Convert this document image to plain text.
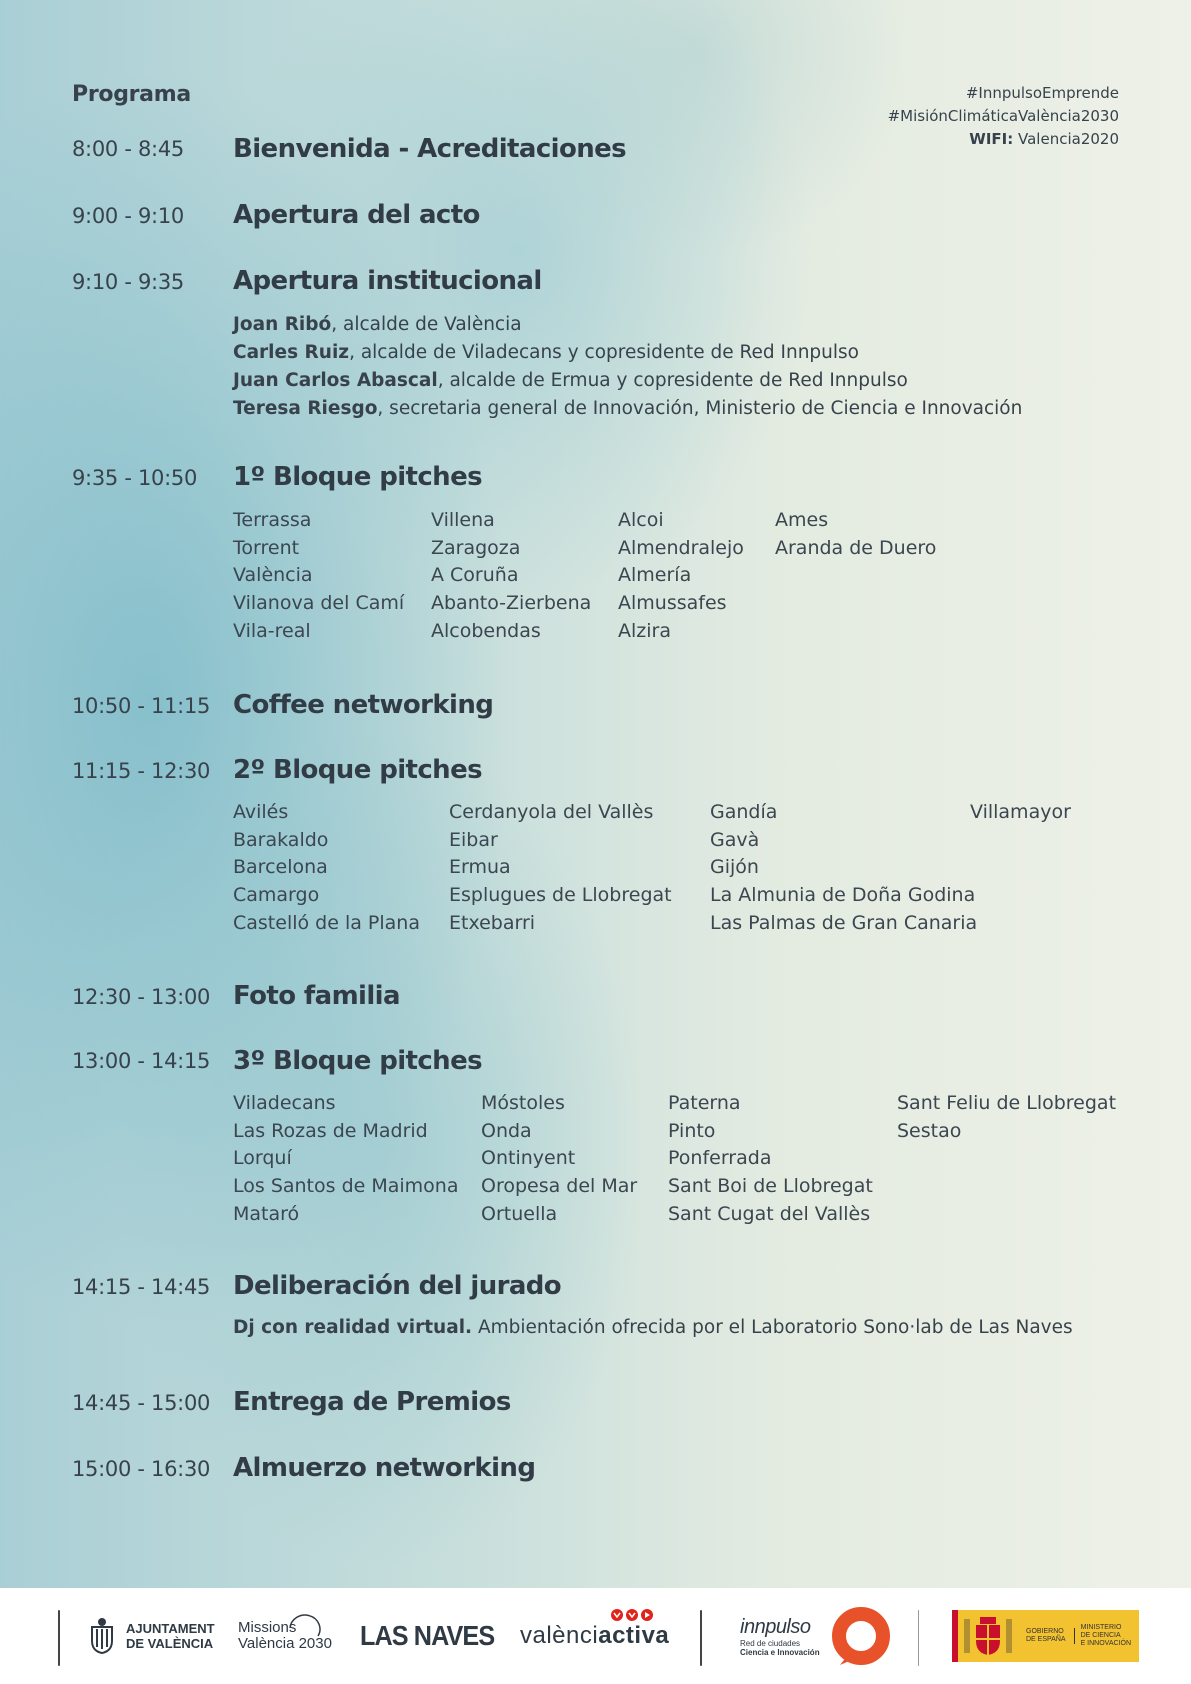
Programa	#InnpulsoEmprende
#MisiónClimáticaValència2030
WIFI: Valencia2020
8:00 - 8:45 Bienvenida - Acreditaciones
9:00 - 9:10 Apertura del acto
9:10 - 9:35 Apertura institucional
Joan Ribó, alcalde de València
Carles Ruiz, alcalde de Viladecans y copresidente de Red Innpulso
Juan Carlos Abascal, alcalde de Ermua y copresidente de Red Innpulso
Teresa Riesgo, secretaria general de Innovación, Ministerio de Ciencia e Innovación
9:35 - 10:50 1º Bloque pitches
Terrassa
Torrent
València
Vilanova del Camí
Vila-real
Villena
Zaragoza
A Coruña
Abanto-Zierbena
Alcobendas
Alcoi
Almendralejo
Almería
Almussafes
Alzira
Ames
Aranda de Duero
10:50 - 11:15 Coffee networking
11:15 - 12:30 2º Bloque pitches
Avilés
Barakaldo
Barcelona
Camargo
Castelló de la Plana
Cerdanyola del Vallès
Eibar
Ermua
Esplugues de Llobregat
Etxebarri
Gandía
Gavà
Gijón
La Almunia de Doña Godina
Las Palmas de Gran Canaria
Villamayor
12:30 - 13:00 Foto familia
13:00 - 14:15 3º Bloque pitches
Viladecans
Las Rozas de Madrid
Lorquí
Los Santos de Maimona
Mataró
Móstoles
Onda
Ontinyent
Oropesa del Mar
Ortuella
Paterna
Pinto
Ponferrada
Sant Boi de Llobregat
Sant Cugat del Vallès
Sant Feliu de Llobregat
Sestao
14:15 - 14:45 Deliberación del jurado
Dj con realidad virtual. Ambientación ofrecida por el Laboratorio Sono·lab de Las Naves
14:45 - 15:00 Entrega de Premios
15:00 - 16:30 Almuerzo networking
AJUNTAMENT
DE VALÈNCIA
Missions
València 2030 LAS NAVES valènciactiva	innpulso
Red de ciudades
Ciencia e Innovación
GOBIERNO
DE ESPAÑA
MINISTERIO
DE CIENCIA
E INNOVACIÓN
